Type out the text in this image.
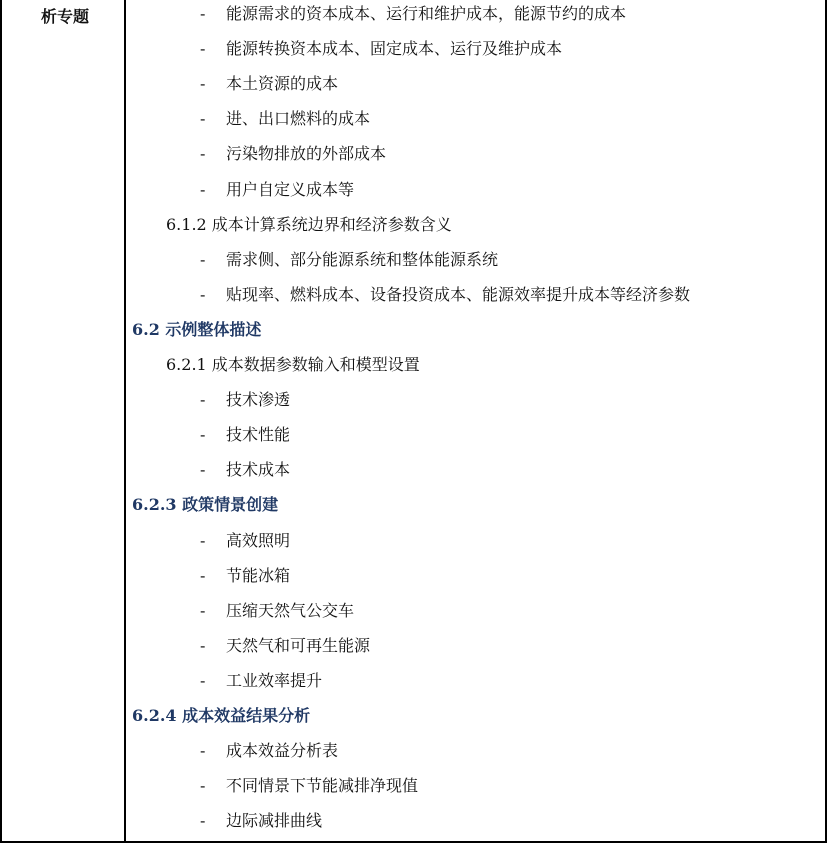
析专题	- 能源需求的资本成本、运行和维护成本，能源节约的成本
- 能源转换资本成本、固定成本、运行及维护成本
- 本土资源的成本
- 进、出口燃料的成本
- 污染物排放的外部成本
- 用户自定义成本等
6.1.2 成本计算系统边界和经济参数含义
- 需求侧、部分能源系统和整体能源系统
- 贴现率、燃料成本、设备投资成本、能源效率提升成本等经济参数
6.2 示例整体描述
6.2.1 成本数据参数输入和模型设置
- 技术渗透
- 技术性能
- 技术成本
6.2.3 政策情景创建
- 高效照明
- 节能冰箱
- 压缩天然气公交车
- 天然气和可再生能源
- 工业效率提升
6.2.4 成本效益结果分析
- 成本效益分析表
- 不同情景下节能减排净现值
- 边际减排曲线
